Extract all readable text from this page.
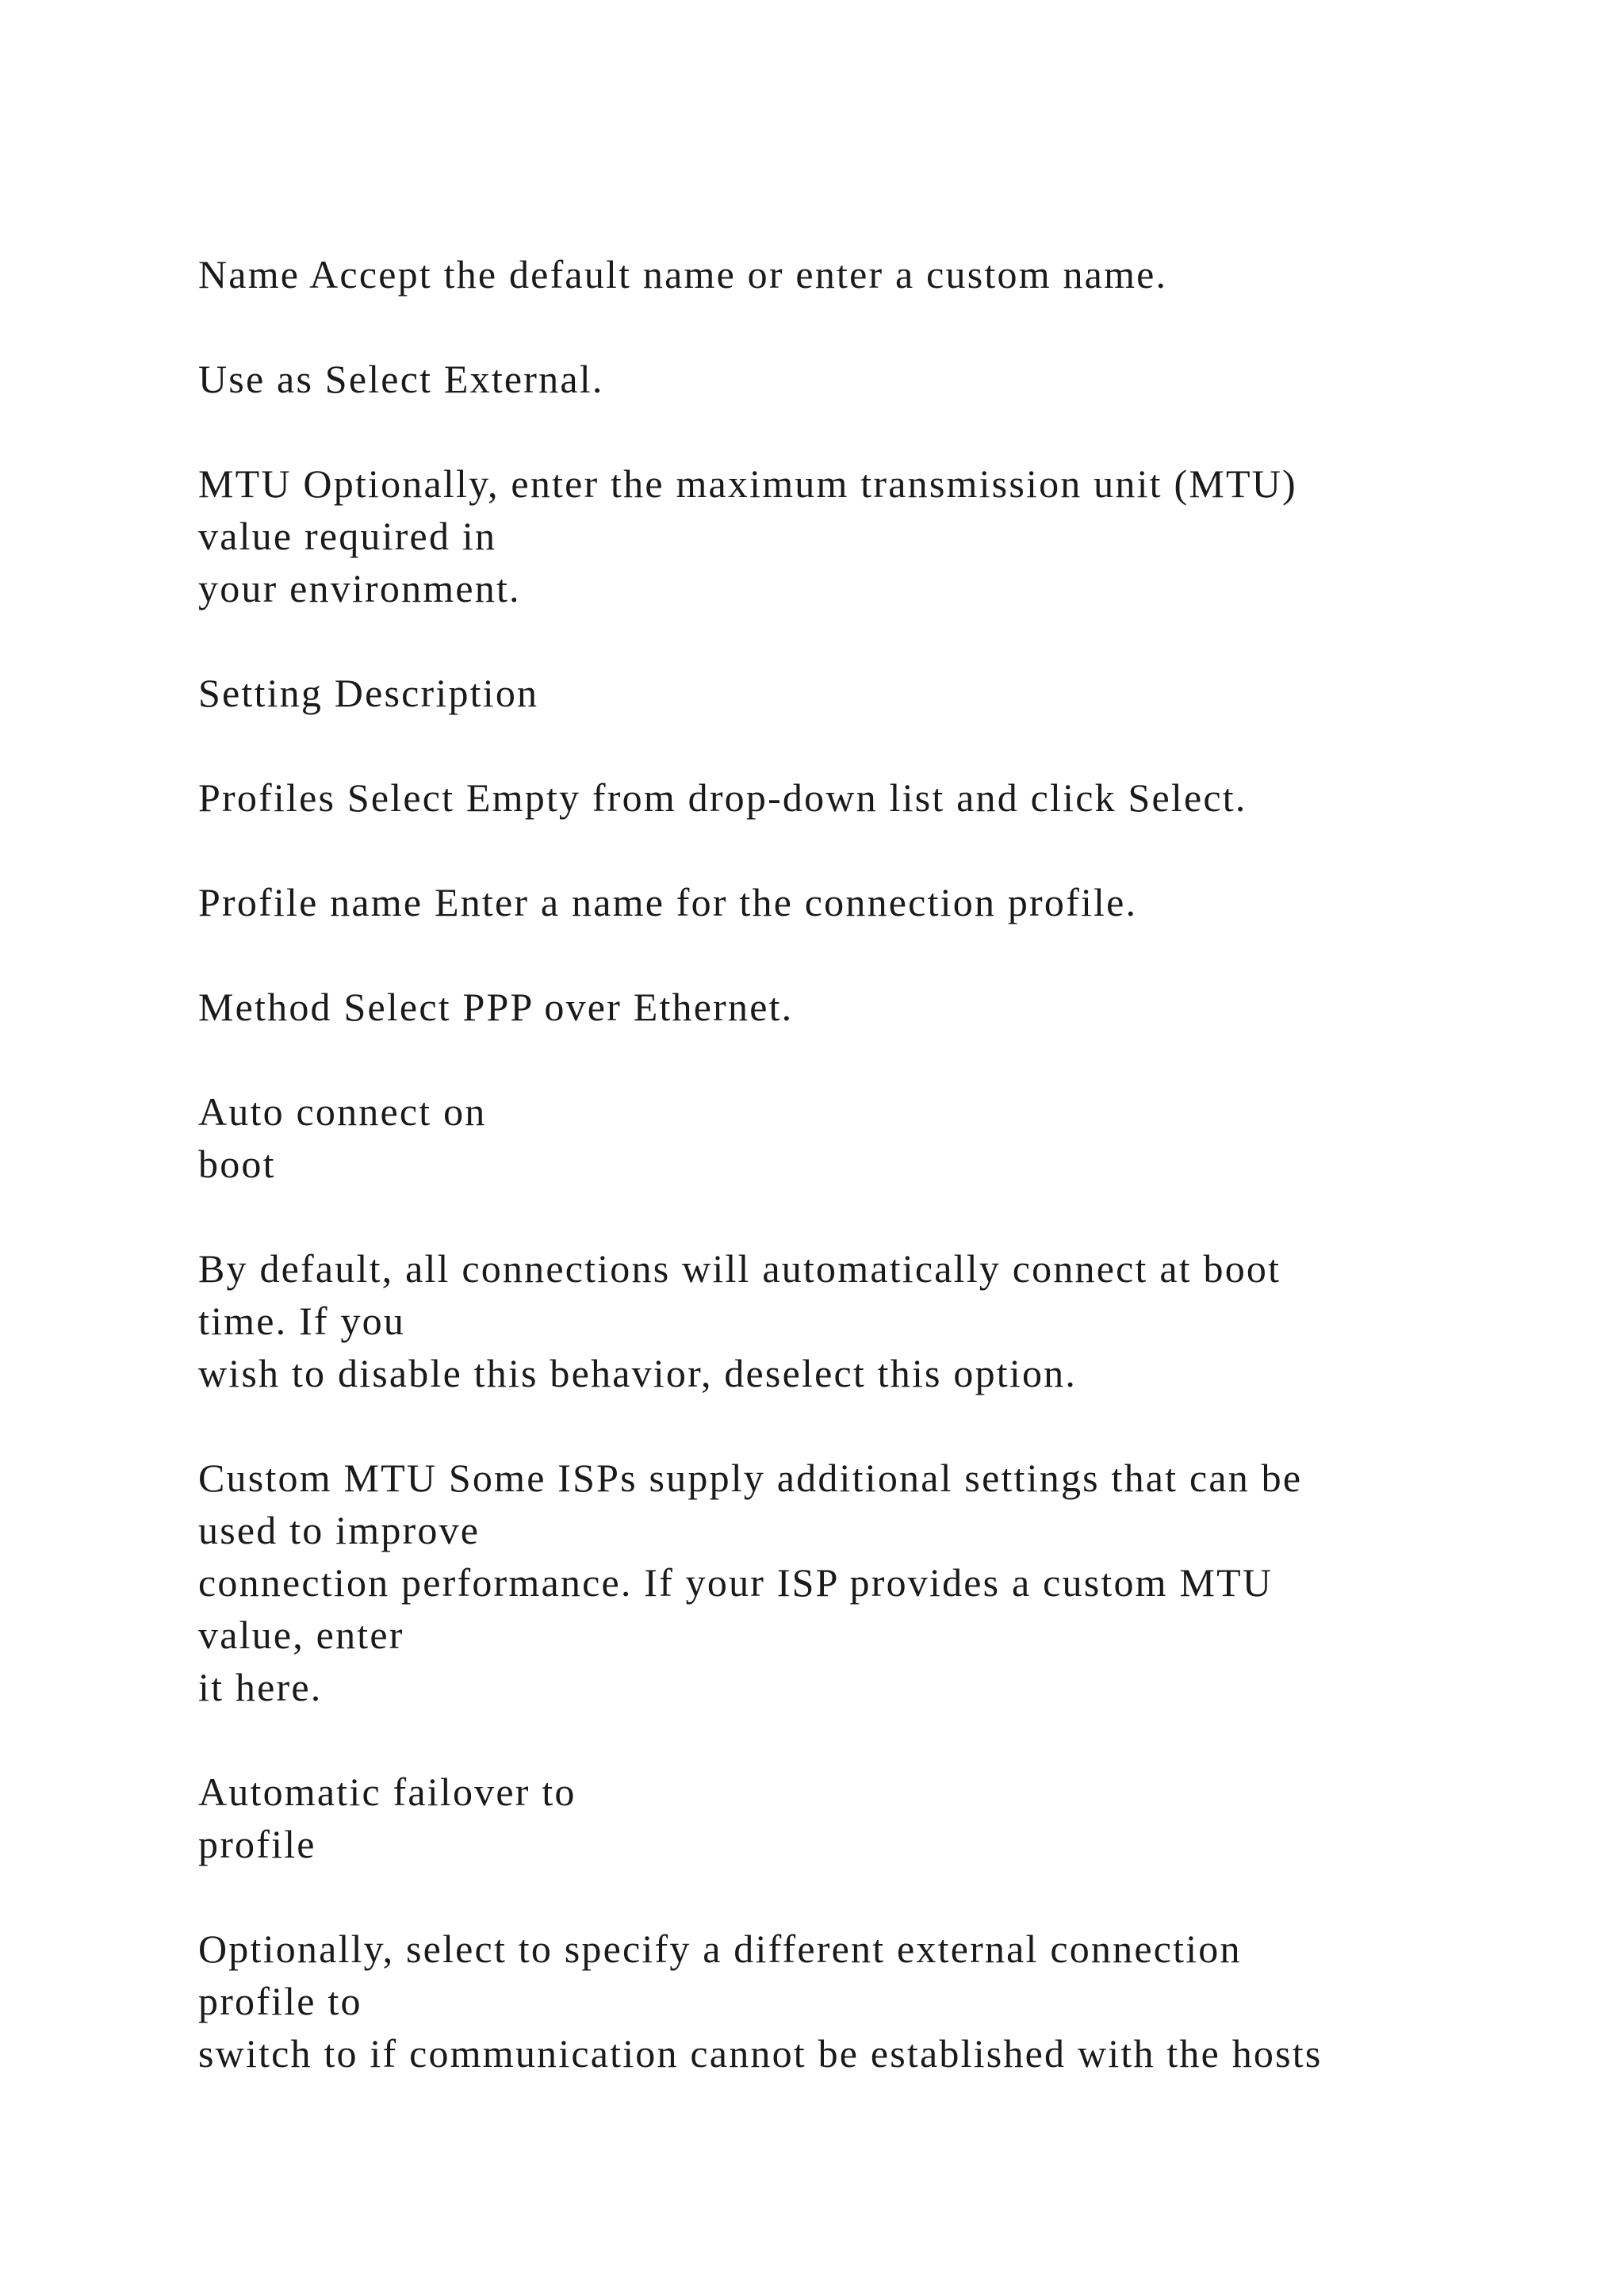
Name Accept the default name or enter a custom name.

Use as Select External.

MTU Optionally, enter the maximum transmission unit (MTU)
value required in
your environment.

Setting Description

Profiles Select Empty from drop-down list and click Select.

Profile name Enter a name for the connection profile.

Method Select PPP over Ethernet.

Auto connect on
boot

By default, all connections will automatically connect at boot
time. If you
wish to disable this behavior, deselect this option.

Custom MTU Some ISPs supply additional settings that can be
used to improve
connection performance. If your ISP provides a custom MTU
value, enter
it here.

Automatic failover to
profile

Optionally, select to specify a different external connection
profile to
switch to if communication cannot be established with the hosts
